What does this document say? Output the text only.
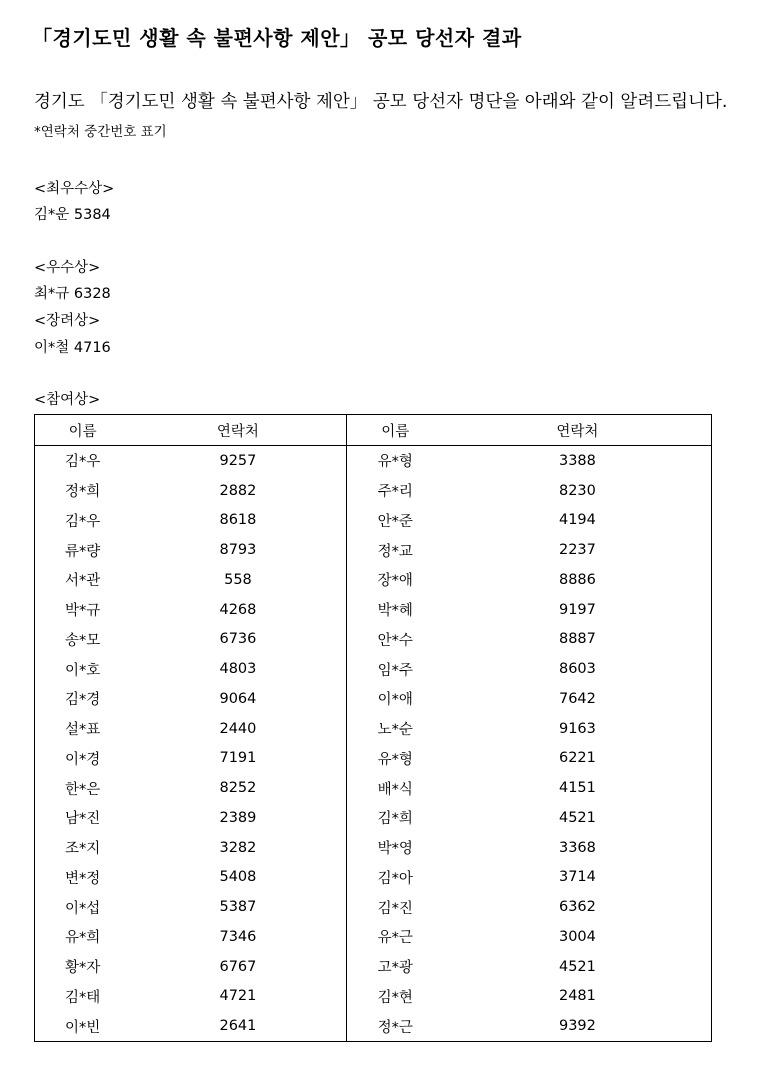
「경기도민 생활 속 불편사항 제안」 공모 당선자 결과
경기도 「경기도민 생활 속 불편사항 제안」 공모 당선자 명단을 아래와 같이 알려드립니다.
*연락처 중간번호 표기
<최우수상>
김*운 5384
<우수상>
최*규 6328
<장려상>
이*철 4716
<참여상>
이름	연락처	이름	연락처
김*우	9257	유*형	3388
정*희	2882	주*리	8230
김*우	8618	안*준	4194
류*량	8793	정*교	2237
서*관	558	장*애	8886
박*규	4268	박*혜	9197
송*모	6736	안*수	8887
이*호	4803	임*주	8603
김*경	9064	이*애	7642
설*표	2440	노*순	9163
이*경	7191	유*형	6221
한*은	8252	배*식	4151
남*진	2389	김*희	4521
조*지	3282	박*영	3368
변*정	5408	김*아	3714
이*섭	5387	김*진	6362
유*희	7346	유*근	3004
황*자	6767	고*광	4521
김*태	4721	김*현	2481
이*빈	2641	정*근	9392
